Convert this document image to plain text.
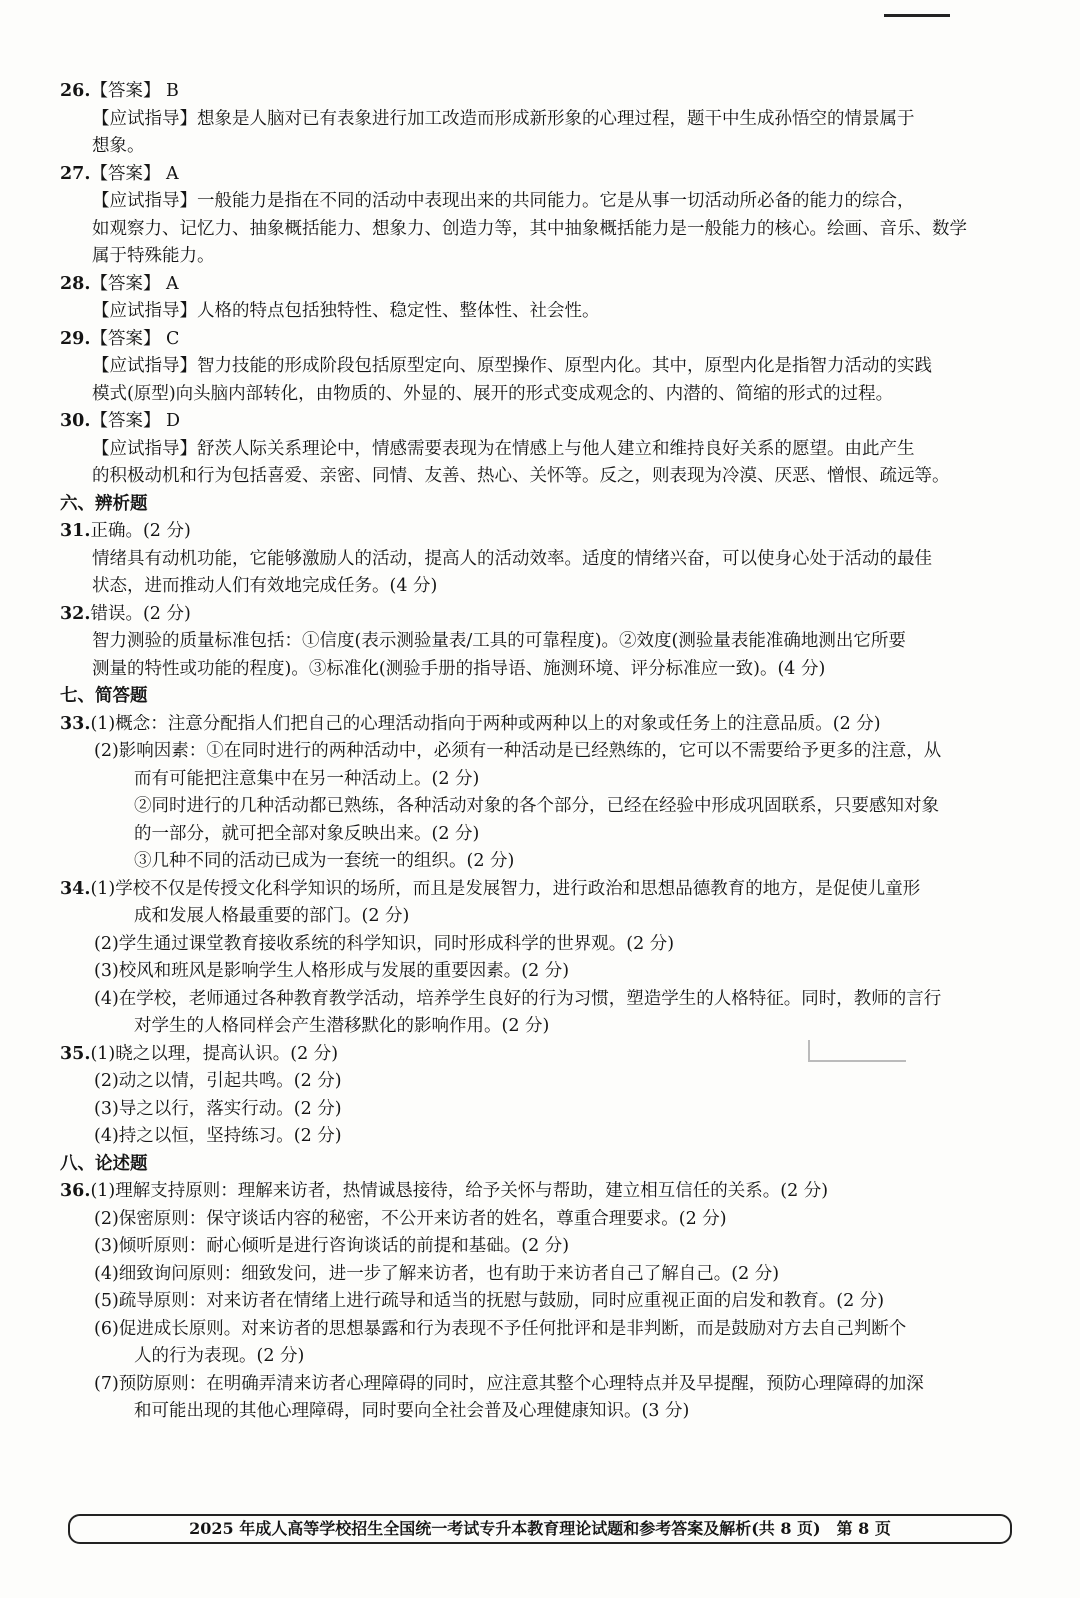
26.【答案】 B
【应试指导】想象是人脑对已有表象进行加工改造而形成新形象的心理过程，题干中生成孙悟空的情景属于
想象。
27.【答案】 A
【应试指导】一般能力是指在不同的活动中表现出来的共同能力。它是从事一切活动所必备的能力的综合，
如观察力、记忆力、抽象概括能力、想象力、创造力等，其中抽象概括能力是一般能力的核心。绘画、音乐、数学
属于特殊能力。
28.【答案】 A
【应试指导】人格的特点包括独特性、稳定性、整体性、社会性。
29.【答案】 C
【应试指导】智力技能的形成阶段包括原型定向、原型操作、原型内化。其中，原型内化是指智力活动的实践
模式(原型)向头脑内部转化，由物质的、外显的、展开的形式变成观念的、内潜的、简缩的形式的过程。
30.【答案】 D
【应试指导】舒茨人际关系理论中，情感需要表现为在情感上与他人建立和维持良好关系的愿望。由此产生
的积极动机和行为包括喜爱、亲密、同情、友善、热心、关怀等。反之，则表现为冷漠、厌恶、憎恨、疏远等。
六、辨析题
31.正确。(2 分)
情绪具有动机功能，它能够激励人的活动，提高人的活动效率。适度的情绪兴奋，可以使身心处于活动的最佳
状态，进而推动人们有效地完成任务。(4 分)
32.错误。(2 分)
智力测验的质量标准包括：①信度(表示测验量表/工具的可靠程度)。②效度(测验量表能准确地测出它所要
测量的特性或功能的程度)。③标准化(测验手册的指导语、施测环境、评分标准应一致)。(4 分)
七、简答题
33.(1)概念：注意分配指人们把自己的心理活动指向于两种或两种以上的对象或任务上的注意品质。(2 分)
(2)影响因素：①在同时进行的两种活动中，必须有一种活动是已经熟练的，它可以不需要给予更多的注意，从
而有可能把注意集中在另一种活动上。(2 分)
②同时进行的几种活动都已熟练，各种活动对象的各个部分，已经在经验中形成巩固联系，只要感知对象
的一部分，就可把全部对象反映出来。(2 分)
③几种不同的活动已成为一套统一的组织。(2 分)
34.(1)学校不仅是传授文化科学知识的场所，而且是发展智力，进行政治和思想品德教育的地方，是促使儿童形
成和发展人格最重要的部门。(2 分)
(2)学生通过课堂教育接收系统的科学知识，同时形成科学的世界观。(2 分)
(3)校风和班风是影响学生人格形成与发展的重要因素。(2 分)
(4)在学校，老师通过各种教育教学活动，培养学生良好的行为习惯，塑造学生的人格特征。同时，教师的言行
对学生的人格同样会产生潜移默化的影响作用。(2 分)
35.(1)晓之以理，提高认识。(2 分)
(2)动之以情，引起共鸣。(2 分)
(3)导之以行，落实行动。(2 分)
(4)持之以恒，坚持练习。(2 分)
八、论述题
36.(1)理解支持原则：理解来访者，热情诚恳接待，给予关怀与帮助，建立相互信任的关系。(2 分)
(2)保密原则：保守谈话内容的秘密，不公开来访者的姓名，尊重合理要求。(2 分)
(3)倾听原则：耐心倾听是进行咨询谈话的前提和基础。(2 分)
(4)细致询问原则：细致发问，进一步了解来访者，也有助于来访者自己了解自己。(2 分)
(5)疏导原则：对来访者在情绪上进行疏导和适当的抚慰与鼓励，同时应重视正面的启发和教育。(2 分)
(6)促进成长原则。对来访者的思想暴露和行为表现不予任何批评和是非判断，而是鼓励对方去自己判断个
人的行为表现。(2 分)
(7)预防原则：在明确弄清来访者心理障碍的同时，应注意其整个心理特点并及早提醒，预防心理障碍的加深
和可能出现的其他心理障碍，同时要向全社会普及心理健康知识。(3 分)
2025 年成人高等学校招生全国统一考试专升本教育理论试题和参考答案及解析(共 8 页)　第 8 页
